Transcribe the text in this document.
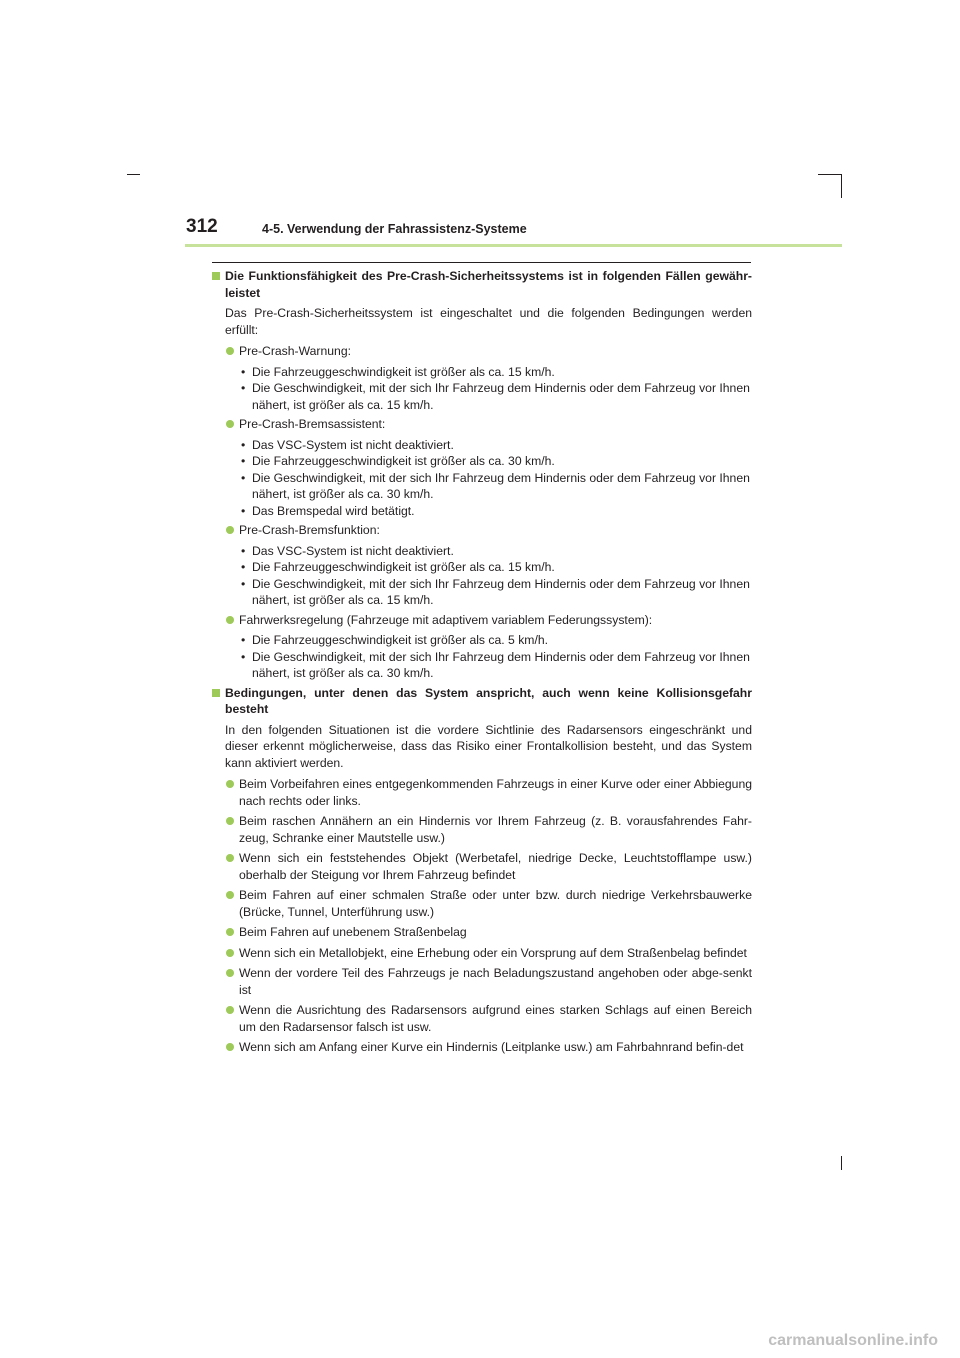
312	4-5. Verwendung der Fahrassistenz-Systeme
Die Funktionsfähigkeit des Pre-Crash-Sicherheitssystems ist in folgenden Fällen gewähr-leistet
Das Pre-Crash-Sicherheitssystem ist eingeschaltet und die folgenden Bedingungen werden erfüllt:
Pre-Crash-Warnung:
• Die Fahrzeuggeschwindigkeit ist größer als ca. 15 km/h.
• Die Geschwindigkeit, mit der sich Ihr Fahrzeug dem Hindernis oder dem Fahrzeug vor Ihnen nähert, ist größer als ca. 15 km/h.
Pre-Crash-Bremsassistent:
• Das VSC-System ist nicht deaktiviert.
• Die Fahrzeuggeschwindigkeit ist größer als ca. 30 km/h.
• Die Geschwindigkeit, mit der sich Ihr Fahrzeug dem Hindernis oder dem Fahrzeug vor Ihnen nähert, ist größer als ca. 30 km/h.
• Das Bremspedal wird betätigt.
Pre-Crash-Bremsfunktion:
• Das VSC-System ist nicht deaktiviert.
• Die Fahrzeuggeschwindigkeit ist größer als ca. 15 km/h.
• Die Geschwindigkeit, mit der sich Ihr Fahrzeug dem Hindernis oder dem Fahrzeug vor Ihnen nähert, ist größer als ca. 15 km/h.
Fahrwerksregelung (Fahrzeuge mit adaptivem variablem Federungssystem):
• Die Fahrzeuggeschwindigkeit ist größer als ca. 5 km/h.
• Die Geschwindigkeit, mit der sich Ihr Fahrzeug dem Hindernis oder dem Fahrzeug vor Ihnen nähert, ist größer als ca. 30 km/h.
Bedingungen, unter denen das System anspricht, auch wenn keine Kollisionsgefahr besteht
In den folgenden Situationen ist die vordere Sichtlinie des Radarsensors eingeschränkt und dieser erkennt möglicherweise, dass das Risiko einer Frontalkollision besteht, und das System kann aktiviert werden.
Beim Vorbeifahren eines entgegenkommenden Fahrzeugs in einer Kurve oder einer Abbiegung nach rechts oder links.
Beim raschen Annähern an ein Hindernis vor Ihrem Fahrzeug (z. B. vorausfahrendes Fahr-zeug, Schranke einer Mautstelle usw.)
Wenn sich ein feststehendes Objekt (Werbetafel, niedrige Decke, Leuchtstofflampe usw.) oberhalb der Steigung vor Ihrem Fahrzeug befindet
Beim Fahren auf einer schmalen Straße oder unter bzw. durch niedrige Verkehrsbauwerke (Brücke, Tunnel, Unterführung usw.)
Beim Fahren auf unebenem Straßenbelag
Wenn sich ein Metallobjekt, eine Erhebung oder ein Vorsprung auf dem Straßenbelag befindet
Wenn der vordere Teil des Fahrzeugs je nach Beladungszustand angehoben oder abge-senkt ist
Wenn die Ausrichtung des Radarsensors aufgrund eines starken Schlags auf einen Bereich um den Radarsensor falsch ist usw.
Wenn sich am Anfang einer Kurve ein Hindernis (Leitplanke usw.) am Fahrbahnrand befin-det
carmanualsonline.info
